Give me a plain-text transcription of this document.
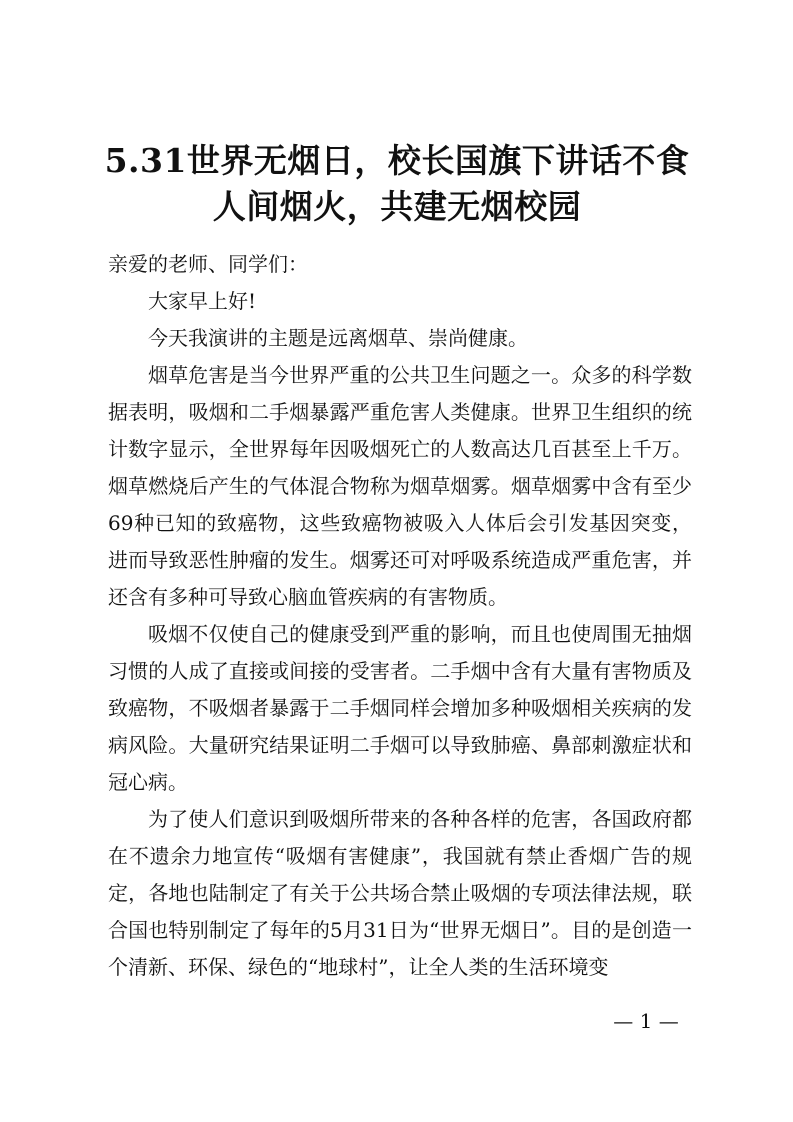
5.31世界无烟日，校长国旗下讲话不食人间烟火，共建无烟校园

亲爱的老师、同学们：

大家早上好!

今天我演讲的主题是远离烟草、崇尚健康。

烟草危害是当今世界严重的公共卫生问题之一。众多的科学数据表明，吸烟和二手烟暴露严重危害人类健康。世界卫生组织的统计数字显示，全世界每年因吸烟死亡的人数高达几百甚至上千万。烟草燃烧后产生的气体混合物称为烟草烟雾。烟草烟雾中含有至少69种已知的致癌物，这些致癌物被吸入人体后会引发基因突变，进而导致恶性肿瘤的发生。烟雾还可对呼吸系统造成严重危害，并还含有多种可导致心脑血管疾病的有害物质。

吸烟不仅使自己的健康受到严重的影响，而且也使周围无抽烟习惯的人成了直接或间接的受害者。二手烟中含有大量有害物质及致癌物，不吸烟者暴露于二手烟同样会增加多种吸烟相关疾病的发病风险。大量研究结果证明二手烟可以导致肺癌、鼻部刺激症状和冠心病。

为了使人们意识到吸烟所带来的各种各样的危害，各国政府都在不遗余力地宣传“吸烟有害健康”，我国就有禁止香烟广告的规定，各地也陆制定了有关于公共场合禁止吸烟的专项法律法规，联合国也特别制定了每年的5月31日为“世界无烟日”。目的是创造一个清新、环保、绿色的“地球村”，让全人类的生活环境变

— 1 —
